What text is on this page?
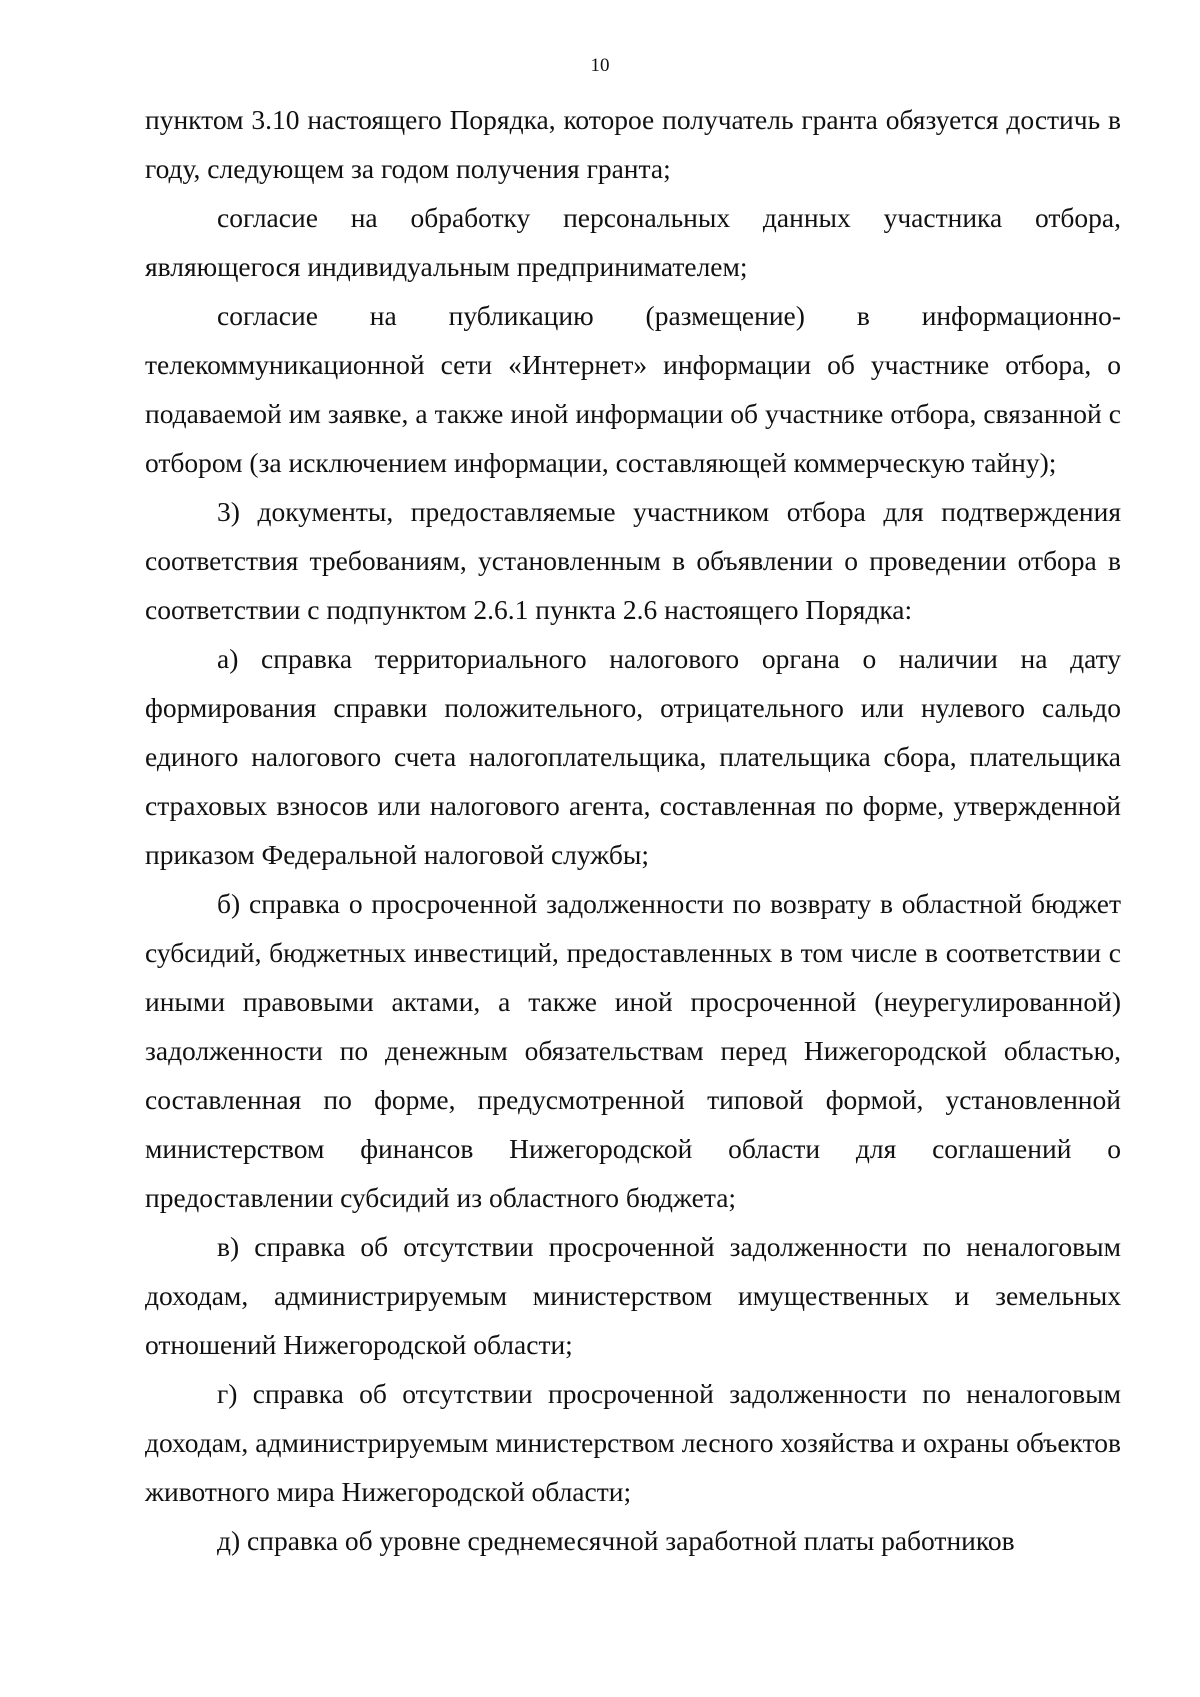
10

пунктом 3.10 настоящего Порядка, которое получатель гранта обязуется достичь в году, следующем за годом получения гранта;

согласие на обработку персональных данных участника отбора, являющегося индивидуальным предпринимателем;

согласие на публикацию (размещение) в информационно-телекоммуникационной сети «Интернет» информации об участнике отбора, о подаваемой им заявке, а также иной информации об участнике отбора, связанной с отбором (за исключением информации, составляющей коммерческую тайну);

3) документы, предоставляемые участником отбора для подтверждения соответствия требованиям, установленным в объявлении о проведении отбора в соответствии с подпунктом 2.6.1 пункта 2.6 настоящего Порядка:

а) справка территориального налогового органа о наличии на дату формирования справки положительного, отрицательного или нулевого сальдо единого налогового счета налогоплательщика, плательщика сбора, плательщика страховых взносов или налогового агента, составленная по форме, утвержденной приказом Федеральной налоговой службы;

б) справка о просроченной задолженности по возврату в областной бюджет субсидий, бюджетных инвестиций, предоставленных в том числе в соответствии с иными правовыми актами, а также иной просроченной (неурегулированной) задолженности по денежным обязательствам перед Нижегородской областью, составленная по форме, предусмотренной типовой формой, установленной министерством финансов Нижегородской области для соглашений о предоставлении субсидий из областного бюджета;

в) справка об отсутствии просроченной задолженности по неналоговым доходам, администрируемым министерством имущественных и земельных отношений Нижегородской области;

г) справка об отсутствии просроченной задолженности по неналоговым доходам, администрируемым министерством лесного хозяйства и охраны объектов животного мира Нижегородской области;

д) справка об уровне среднемесячной заработной платы работников
